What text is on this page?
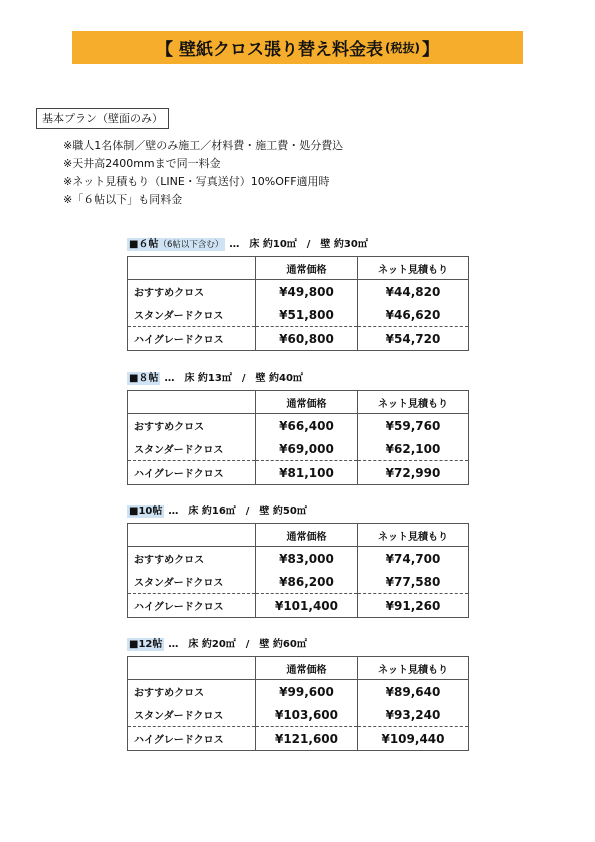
【 壁紙クロス張り替え料金表 (税抜) 】
基本プラン（壁面のみ）
※職人1名体制／壁のみ施工／材料費・施工費・処分費込
※天井高2400mmまで同一料金
※ネット見積もり（LINE・写真送付）10%OFF適用時
※「６帖以下」も同料金
■６帖（6帖以下含む） …　床 約10㎡　/　壁 約30㎡
	通常価格	ネット見積もり
おすすめクロス	¥49,800	¥44,820
スタンダードクロス	¥51,800	¥46,620
ハイグレードクロス	¥60,800	¥54,720
■８帖 …　床 約13㎡　/　壁 約40㎡
	通常価格	ネット見積もり
おすすめクロス	¥66,400	¥59,760
スタンダードクロス	¥69,000	¥62,100
ハイグレードクロス	¥81,100	¥72,990
■10帖 …　床 約16㎡　/　壁 約50㎡
	通常価格	ネット見積もり
おすすめクロス	¥83,000	¥74,700
スタンダードクロス	¥86,200	¥77,580
ハイグレードクロス	¥101,400	¥91,260
■12帖 …　床 約20㎡　/　壁 約60㎡
	通常価格	ネット見積もり
おすすめクロス	¥99,600	¥89,640
スタンダードクロス	¥103,600	¥93,240
ハイグレードクロス	¥121,600	¥109,440
